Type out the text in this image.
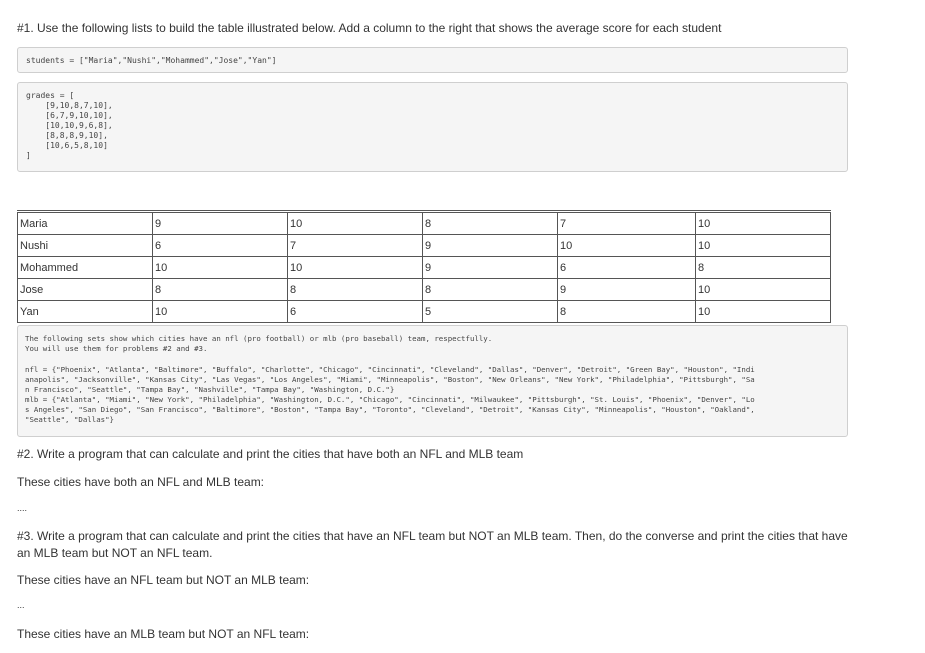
#1. Use the following lists to build the table illustrated below. Add a column to the right that shows the average score for each student
students = ["Maria","Nushi","Mohammed","Jose","Yan"]
grades = [
[9,10,8,7,10],
[6,7,9,10,10],
[10,10,9,6,8],
[8,8,8,9,10],
[10,6,5,8,10]
]
Maria	9	10	8	7	10
Nushi	6	7	9	10	10
Mohammed	10	10	9	6	8
Jose	8	8	8	9	10
Yan	10	6	5	8	10
The following sets show which cities have an nfl (pro football) or mlb (pro baseball) team, respectfully.
You will use them for problems #2 and #3.
nfl = {"Phoenix", "Atlanta", "Baltimore", "Buffalo", "Charlotte", "Chicago", "Cincinnati", "Cleveland", "Dallas", "Denver", "Detroit", "Green Bay", "Houston", "Indi
anapolis", "Jacksonville", "Kansas City", "Las Vegas", "Los Angeles", "Miami", "Minneapolis", "Boston", "New Orleans", "New York", "Philadelphia", "Pittsburgh", "Sa
n Francisco", "Seattle", "Tampa Bay", "Nashville", "Tampa Bay", "Washington, D.C."}
mlb = {"Atlanta", "Miami", "New York", "Philadelphia", "Washington, D.C.", "Chicago", "Cincinnati", "Milwaukee", "Pittsburgh", "St. Louis", "Phoenix", "Denver", "Lo
s Angeles", "San Diego", "San Francisco", "Baltimore", "Boston", "Tampa Bay", "Toronto", "Cleveland", "Detroit", "Kansas City", "Minneapolis", "Houston", "Oakland",
"Seattle", "Dallas"}
#2. Write a program that can calculate and print the cities that have both an NFL and MLB team
These cities have both an NFL and MLB team:
....
#3. Write a program that can calculate and print the cities that have an NFL team but NOT an MLB team. Then, do the converse and print the cities that have
an MLB team but NOT an NFL team.
These cities have an NFL team but NOT an MLB team:
...
These cities have an MLB team but NOT an NFL team:
